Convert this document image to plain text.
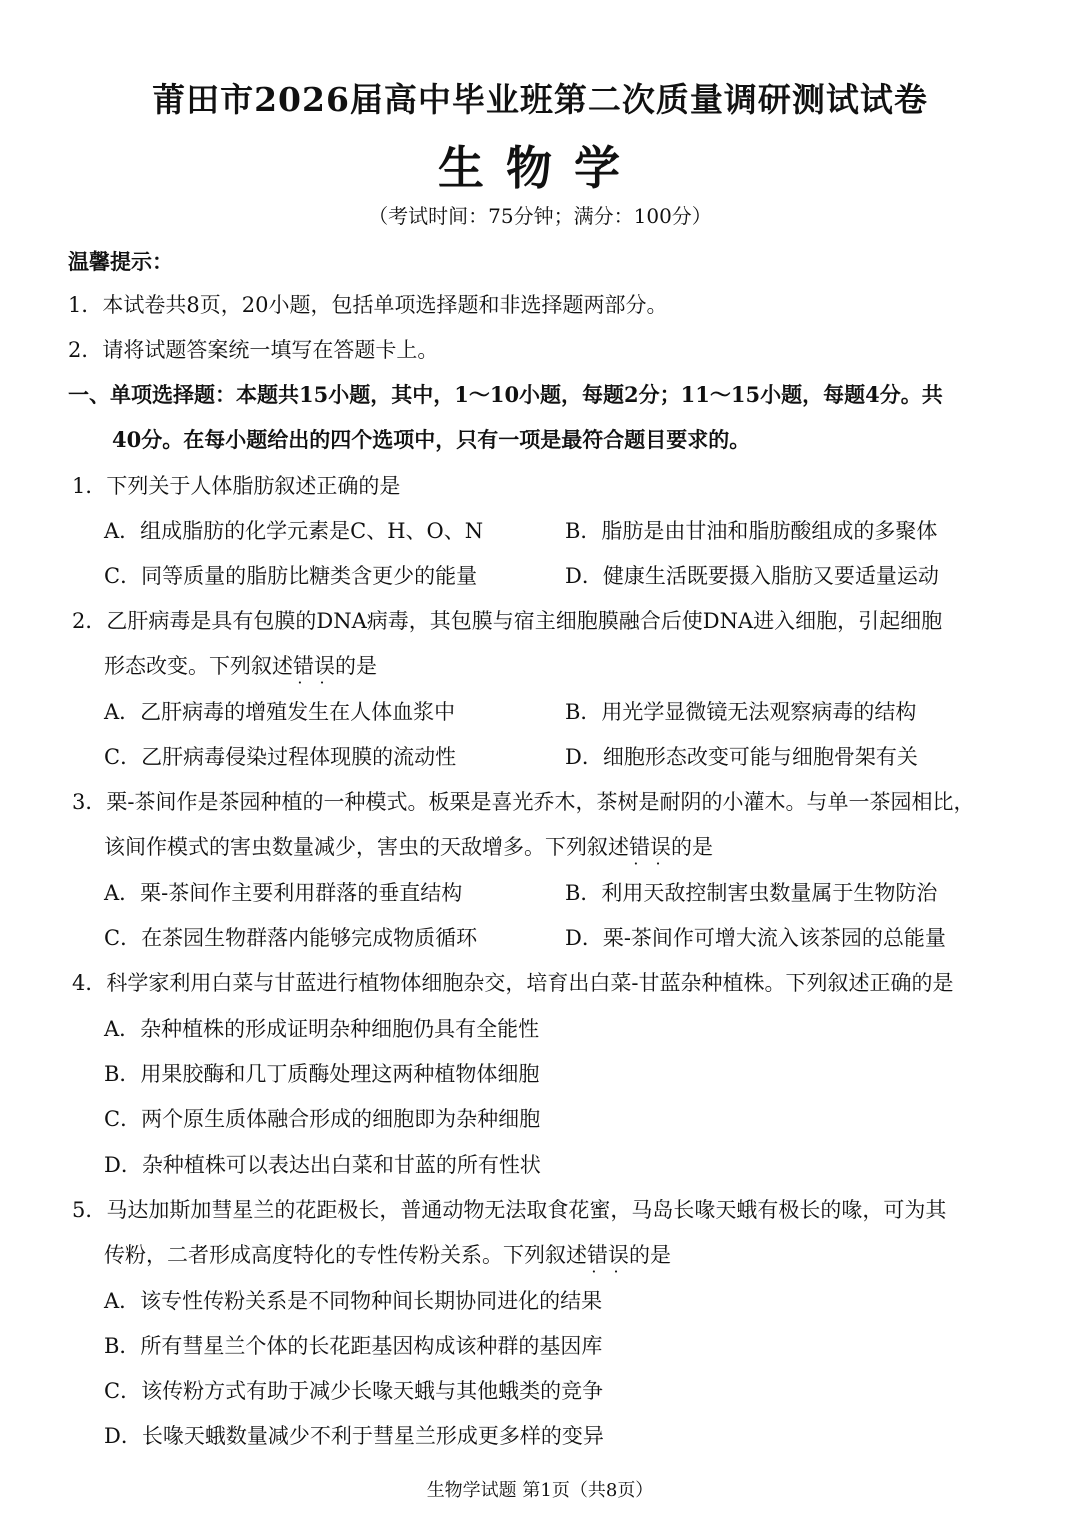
莆田市2026届高中毕业班第二次质量调研测试试卷
生物学
（考试时间：75分钟；满分：100分）
温馨提示：
1．本试卷共8页，20小题，包括单项选择题和非选择题两部分。
2．请将试题答案统一填写在答题卡上。
一、单项选择题：本题共15小题，其中，1～10小题，每题2分；11～15小题，每题4分。共
40分。在每小题给出的四个选项中，只有一项是最符合题目要求的。
1．下列关于人体脂肪叙述正确的是
A．组成脂肪的化学元素是C、H、O、N	B．脂肪是由甘油和脂肪酸组成的多聚体
C．同等质量的脂肪比糖类含更少的能量	D．健康生活既要摄入脂肪又要适量运动
2．乙肝病毒是具有包膜的DNA病毒，其包膜与宿主细胞膜融合后使DNA进入细胞，引起细胞
形态改变。下列叙述错误 · ·的是
A．乙肝病毒的增殖发生在人体血浆中	B．用光学显微镜无法观察病毒的结构
C．乙肝病毒侵染过程体现膜的流动性	D．细胞形态改变可能与细胞骨架有关
3．栗-茶间作是茶园种植的一种模式。板栗是喜光乔木，茶树是耐阴的小灌木。与单一茶园相比，
该间作模式的害虫数量减少，害虫的天敌增多。下列叙述错误 · ·的是
A．栗-茶间作主要利用群落的垂直结构	B．利用天敌控制害虫数量属于生物防治
C．在茶园生物群落内能够完成物质循环	D．栗-茶间作可增大流入该茶园的总能量
4．科学家利用白菜与甘蓝进行植物体细胞杂交，培育出白菜-甘蓝杂种植株。下列叙述正确的是
A．杂种植株的形成证明杂种细胞仍具有全能性
B．用果胶酶和几丁质酶处理这两种植物体细胞
C．两个原生质体融合形成的细胞即为杂种细胞
D．杂种植株可以表达出白菜和甘蓝的所有性状
5．马达加斯加彗星兰的花距极长，普通动物无法取食花蜜，马岛长喙天蛾有极长的喙，可为其
传粉，二者形成高度特化的专性传粉关系。下列叙述错误 · ·的是
A．该专性传粉关系是不同物种间长期协同进化的结果
B．所有彗星兰个体的长花距基因构成该种群的基因库
C．该传粉方式有助于减少长喙天蛾与其他蛾类的竞争
D．长喙天蛾数量减少不利于彗星兰形成更多样的变异
生物学试题 第1页（共8页）
